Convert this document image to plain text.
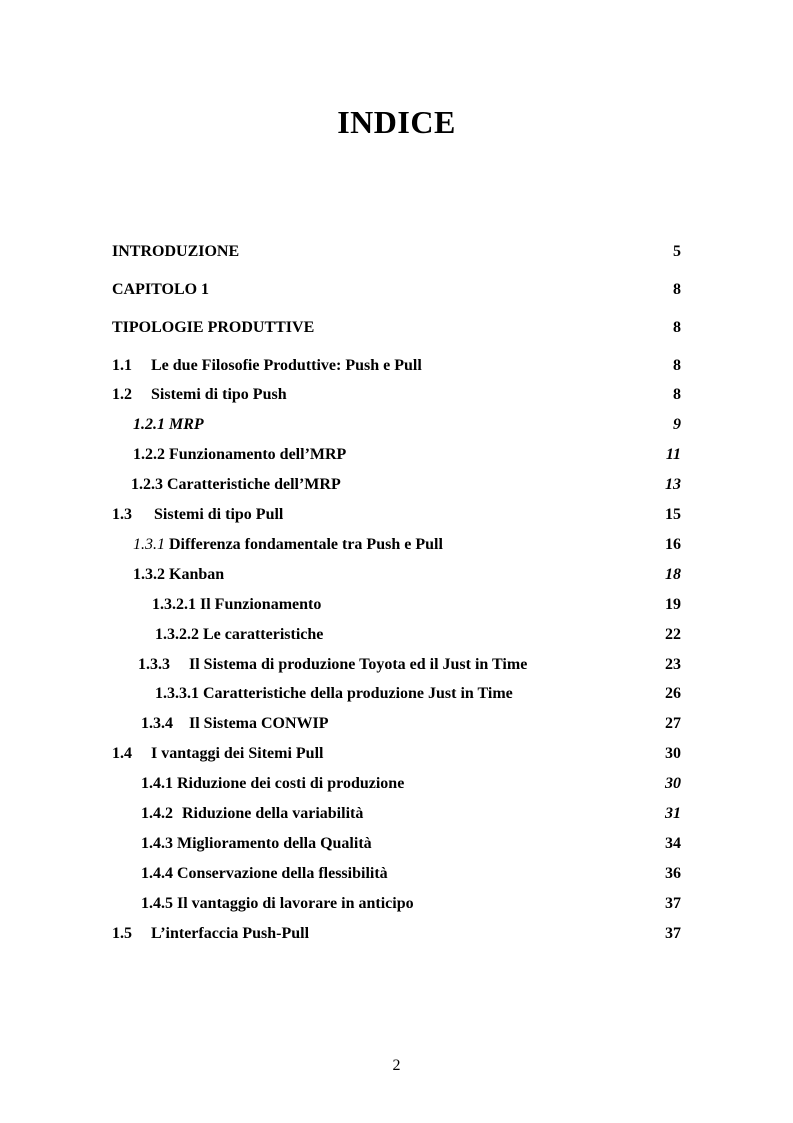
INDICE
INTRODUZIONE	5
CAPITOLO 1	8
TIPOLOGIE PRODUTTIVE	8
1.1 Le due Filosofie Produttive: Push e Pull	8
1.2 Sistemi di tipo Push	8
1.2.1 MRP	9
1.2.2 Funzionamento dell’MRP	11
1.2.3 Caratteristiche dell’MRP	13
1.3 Sistemi di tipo Pull	15
1.3.1 Differenza fondamentale tra Push e Pull	16
1.3.2 Kanban	18
1.3.2.1 Il Funzionamento	19
1.3.2.2 Le caratteristiche	22
1.3.3 Il Sistema di produzione Toyota ed il Just in Time	23
1.3.3.1 Caratteristiche della produzione Just in Time	26
1.3.4 Il Sistema CONWIP	27
1.4 I vantaggi dei Sitemi Pull	30
1.4.1 Riduzione dei costi di produzione	30
1.4.2 Riduzione della variabilità	31
1.4.3 Miglioramento della Qualità	34
1.4.4 Conservazione della flessibilità	36
1.4.5 Il vantaggio di lavorare in anticipo	37
1.5 L’interfaccia Push-Pull	37
2
